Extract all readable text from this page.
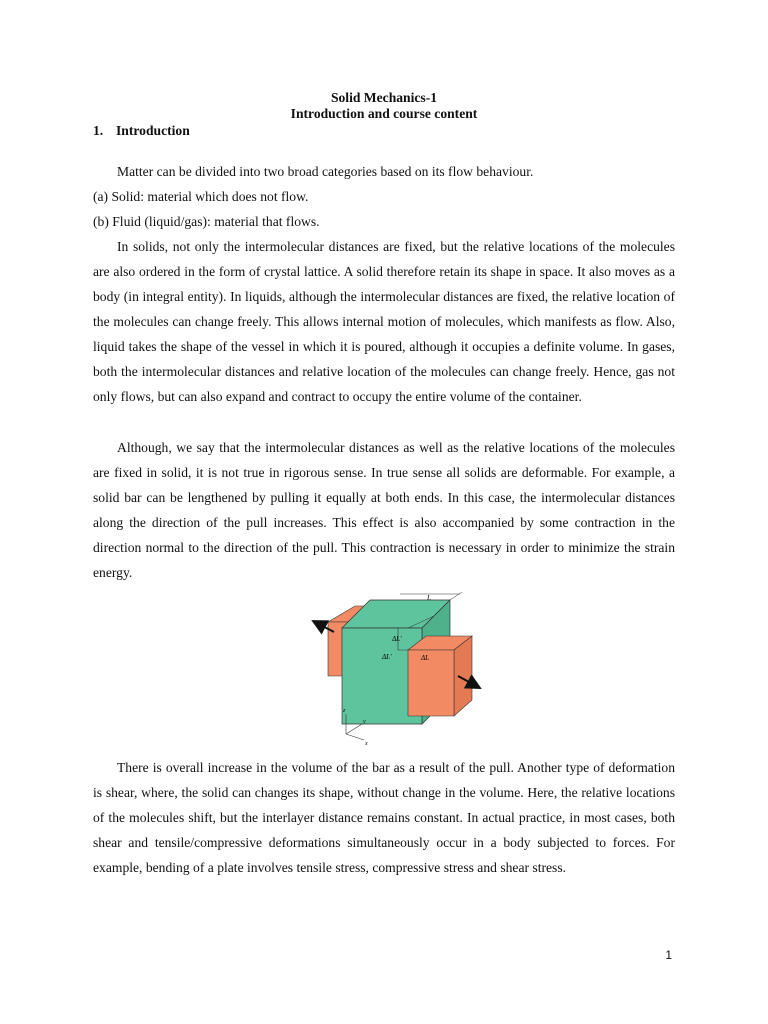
Solid Mechanics-1

Introduction and course content

1. Introduction

Matter can be divided into two broad categories based on its flow behaviour.

(a) Solid: material which does not flow.

(b) Fluid (liquid/gas): material that flows.

In solids, not only the intermolecular distances are fixed, but the relative locations of the molecules are also ordered in the form of crystal lattice. A solid therefore retain its shape in space. It also moves as a body (in integral entity). In liquids, although the intermolecular distances are fixed, the relative location of the molecules can change freely. This allows internal motion of molecules, which manifests as flow. Also, liquid takes the shape of the vessel in which it is poured, although it occupies a definite volume. In gases, both the intermolecular distances and relative location of the molecules can change freely. Hence, gas not only flows, but can also expand and contract to occupy the entire volume of the container.

Although, we say that the intermolecular distances as well as the relative locations of the molecules are fixed in solid, it is not true in rigorous sense. In true sense all solids are deformable. For example, a solid bar can be lengthened by pulling it equally at both ends. In this case, the intermolecular distances along the direction of the pull increases. This effect is also accompanied by some contraction in the direction normal to the direction of the pull. This contraction is necessary in order to minimize the strain energy.

L
ΔL'
ΔL'	ΔL
z
y
x

There is overall increase in the volume of the bar as a result of the pull. Another type of deformation is shear, where, the solid can changes its shape, without change in the volume. Here, the relative locations of the molecules shift, but the interlayer distance remains constant. In actual practice, in most cases, both shear and tensile/compressive deformations simultaneously occur in a body subjected to forces. For example, bending of a plate involves tensile stress, compressive stress and shear stress.

1
